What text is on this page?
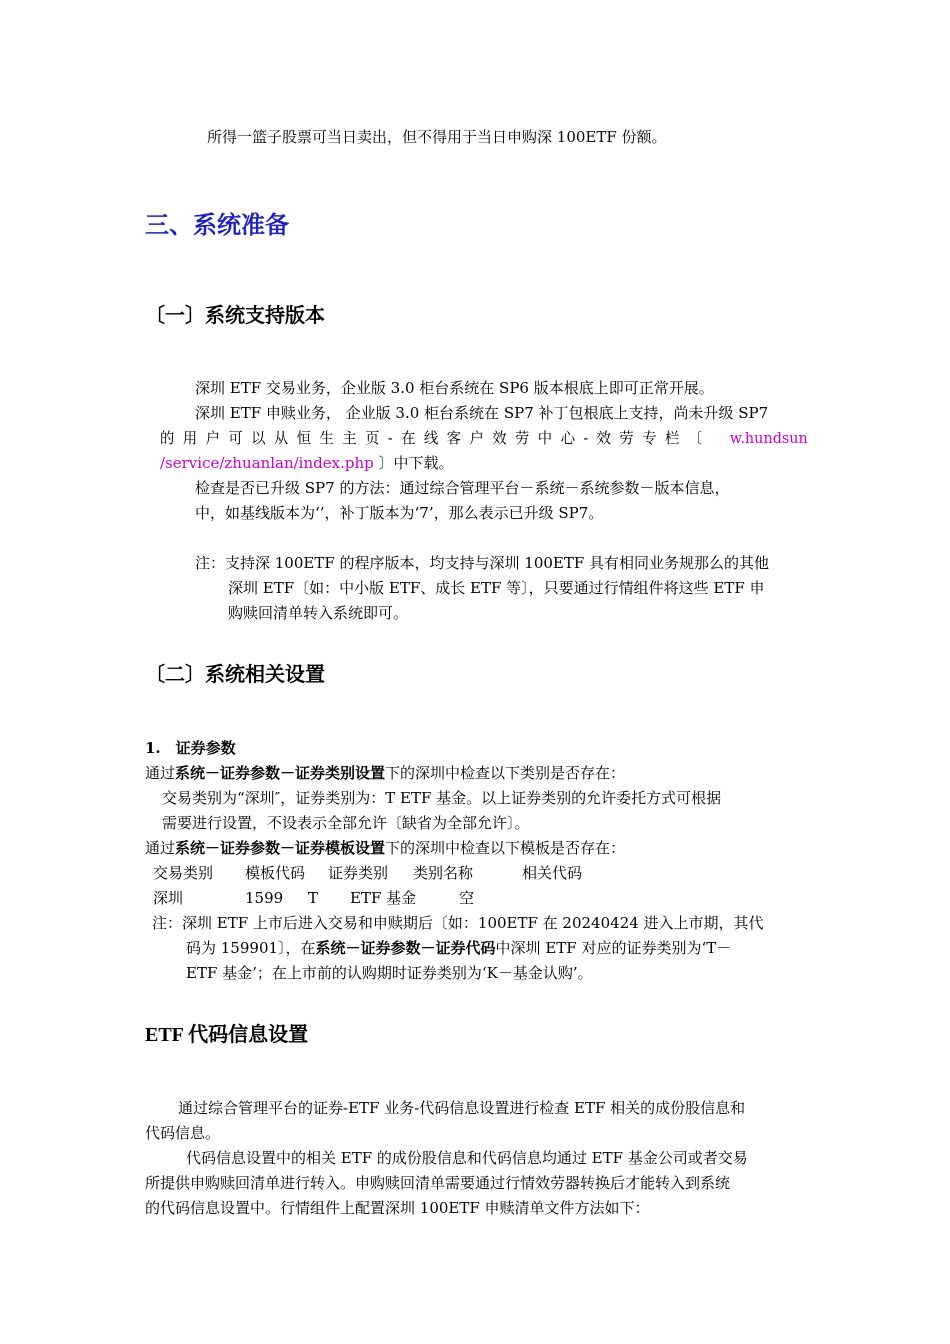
所得一篮子股票可当日卖出，但不得用于当日申购深 100ETF 份额。
三、系统准备
〔一〕系统支持版本
深圳 ETF 交易业务，企业版 3.0 柜台系统在 SP6 版本根底上即可正常开展。
深圳 ETF 申赎业务， 企业版 3.0 柜台系统在 SP7 补丁包根底上支持，尚未升级 SP7
的 用 户 可 以 从 恒 生 主 页 - 在 线 客 户 效 劳 中 心 - 效 劳 专 栏 〔 w.hundsun
/service/zhuanlan/index.php 〕中下载。
检查是否已升级 SP7 的方法：通过综合管理平台－系统－系统参数－版本信息，
中，如基线版本为‘’，补丁版本为‘7’，那么表示已升级 SP7。
注：支持深 100ETF 的程序版本，均支持与深圳 100ETF 具有相同业务规那么的其他
深圳 ETF〔如：中小版 ETF、成长 ETF 等〕，只要通过行情组件将这些 ETF 申
购赎回清单转入系统即可。
〔二〕系统相关设置
1.　证券参数
通过系统－证券参数－证券类别设置下的深圳中检查以下类别是否存在：
交易类别为“深圳″，证券类别为：T ETF 基金。以上证券类别的允许委托方式可根据
需要进行设置，不设表示全部允许〔缺省为全部允许〕。
通过系统－证券参数－证券模板设置下的深圳中检查以下模板是否存在：
交易类别 模板代码 证券类别 类别名称	相关代码
深圳	1599 T ETF 基金	空
注：深圳 ETF 上市后进入交易和申赎期后〔如：100ETF 在 20240424 进入上市期，其代
码为 159901〕，在系统－证券参数－证券代码中深圳 ETF 对应的证券类别为‘T－
ETF 基金’；在上市前的认购期时证券类别为‘K－基金认购’。
ETF 代码信息设置
通过综合管理平台的证券-ETF 业务-代码信息设置进行检查 ETF 相关的成份股信息和
代码信息。
代码信息设置中的相关 ETF 的成份股信息和代码信息均通过 ETF 基金公司或者交易
所提供申购赎回清单进行转入。申购赎回清单需要通过行情效劳器转换后才能转入到系统
的代码信息设置中。行情组件上配置深圳 100ETF 申赎清单文件方法如下：
